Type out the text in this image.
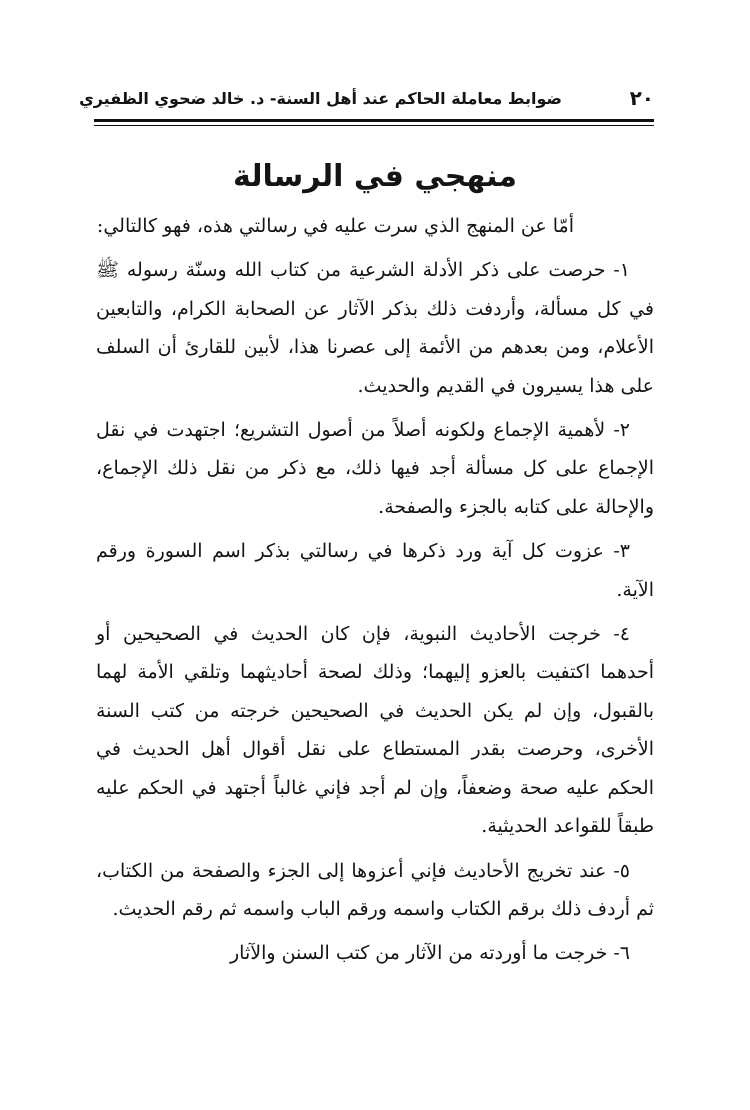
٢٠
ضوابط معاملة الحاكم عند أهل السنة- د. خالد ضحوي الظفيري
منهجي في الرسالة

أمّا عن المنهج الذي سرت عليه في رسالتي هذه، فهو كالتالي:

١- حرصت على ذكر الأدلة الشرعية من كتاب الله وسنّة رسوله ﷺ في كل مسألة، وأردفت ذلك بذكر الآثار عن الصحابة الكرام، والتابعين الأعلام، ومن بعدهم من الأئمة إلى عصرنا هذا، لأبين للقارئ أن السلف على هذا يسيرون في القديم والحديث.

٢- لأهمية الإجماع ولكونه أصلاً من أصول التشريع؛ اجتهدت في نقل الإجماع على كل مسألة أجد فيها ذلك، مع ذكر من نقل ذلك الإجماع، والإحالة على كتابه بالجزء والصفحة.

٣- عزوت كل آية ورد ذكرها في رسالتي بذكر اسم السورة ورقم الآية.

٤- خرجت الأحاديث النبوية، فإن كان الحديث في الصحيحين أو أحدهما اكتفيت بالعزو إليهما؛ وذلك لصحة أحاديثهما وتلقي الأمة لهما بالقبول، وإن لم يكن الحديث في الصحيحين خرجته من كتب السنة الأخرى، وحرصت بقدر المستطاع على نقل أقوال أهل الحديث في الحكم عليه صحة وضعفاً، وإن لم أجد فإني غالباً أجتهد في الحكم عليه طبقاً للقواعد الحديثية.

٥- عند تخريج الأحاديث فإني أعزوها إلى الجزء والصفحة من الكتاب، ثم أردف ذلك برقم الكتاب واسمه ورقم الباب واسمه ثم رقم الحديث.

٦- خرجت ما أوردته من الآثار من كتب السنن والآثار
